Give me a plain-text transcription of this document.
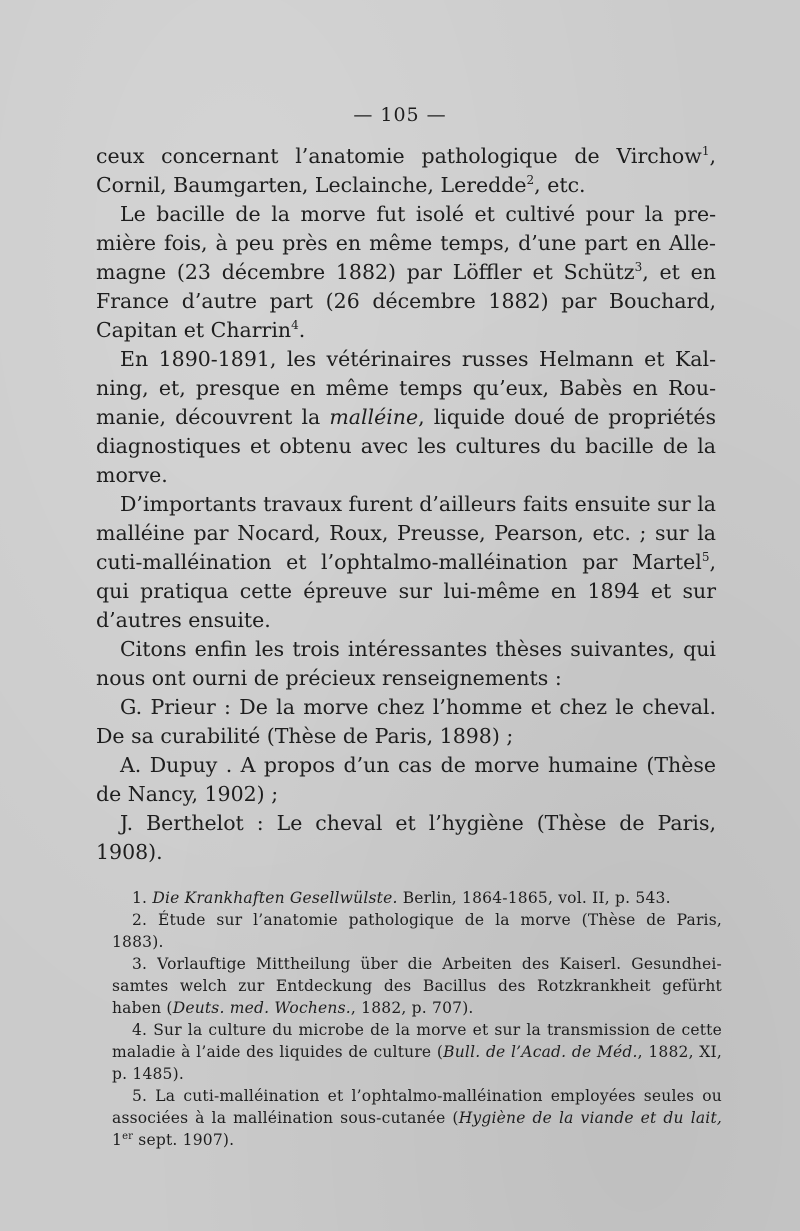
— 105 —

ceux concernant l’anatomie pathologique de Virchow$^1$, Cornil, Baumgarten, Leclainche, Leredde$^2$, etc.

Le bacille de la morve fut isolé et cultivé pour la pre-mière fois, à peu près en même temps, d’une part en Alle-magne (23 décembre 1882) par Löffler et Schütz$^3$, et en France d’autre part (26 décembre 1882) par Bouchard, Capitan et Charrin$^4$.

En 1890-1891, les vétérinaires russes Helmann et Kal-ning, et, presque en même temps qu’eux, Babès en Rou-manie, découvrent la malléine, liquide doué de propriétés diagnostiques et obtenu avec les cultures du bacille de la morve.

D’importants travaux furent d’ailleurs faits ensuite sur la malléine par Nocard, Roux, Preusse, Pearson, etc. ; sur la cuti-malléination et l’ophtalmo-malléination par Martel$^5$, qui pratiqua cette épreuve sur lui-même en 1894 et sur d’autres ensuite.

Citons enfin les trois intéressantes thèses suivantes, qui nous ont ourni de précieux renseignements :

G. Prieur : De la morve chez l’homme et chez le cheval. De sa curabilité (Thèse de Paris, 1898) ;

A. Dupuy . A propos d’un cas de morve humaine (Thèse de Nancy, 1902) ;

J. Berthelot : Le cheval et l’hygiène (Thèse de Paris, 1908).

1. Die Krankhaften Gesellwülste. Berlin, 1864-1865, vol. II, p. 543.

2. Étude sur l’anatomie pathologique de la morve (Thèse de Paris, 1883).

3. Vorlauftige Mittheilung über die Arbeiten des Kaiserl. Gesundhei-samtes welch zur Entdeckung des Bacillus des Rotzkrankheit gefürht haben (Deuts. med. Wochens., 1882, p. 707).

4. Sur la culture du microbe de la morve et sur la transmission de cette maladie à l’aide des liquides de culture (Bull. de l’Acad. de Méd., 1882, XI, p. 1485).

5. La cuti-malléination et l’ophtalmo-malléination employées seules ou associées à la malléination sous-cutanée (Hygiène de la viande et du lait, 1er sept. 1907).
